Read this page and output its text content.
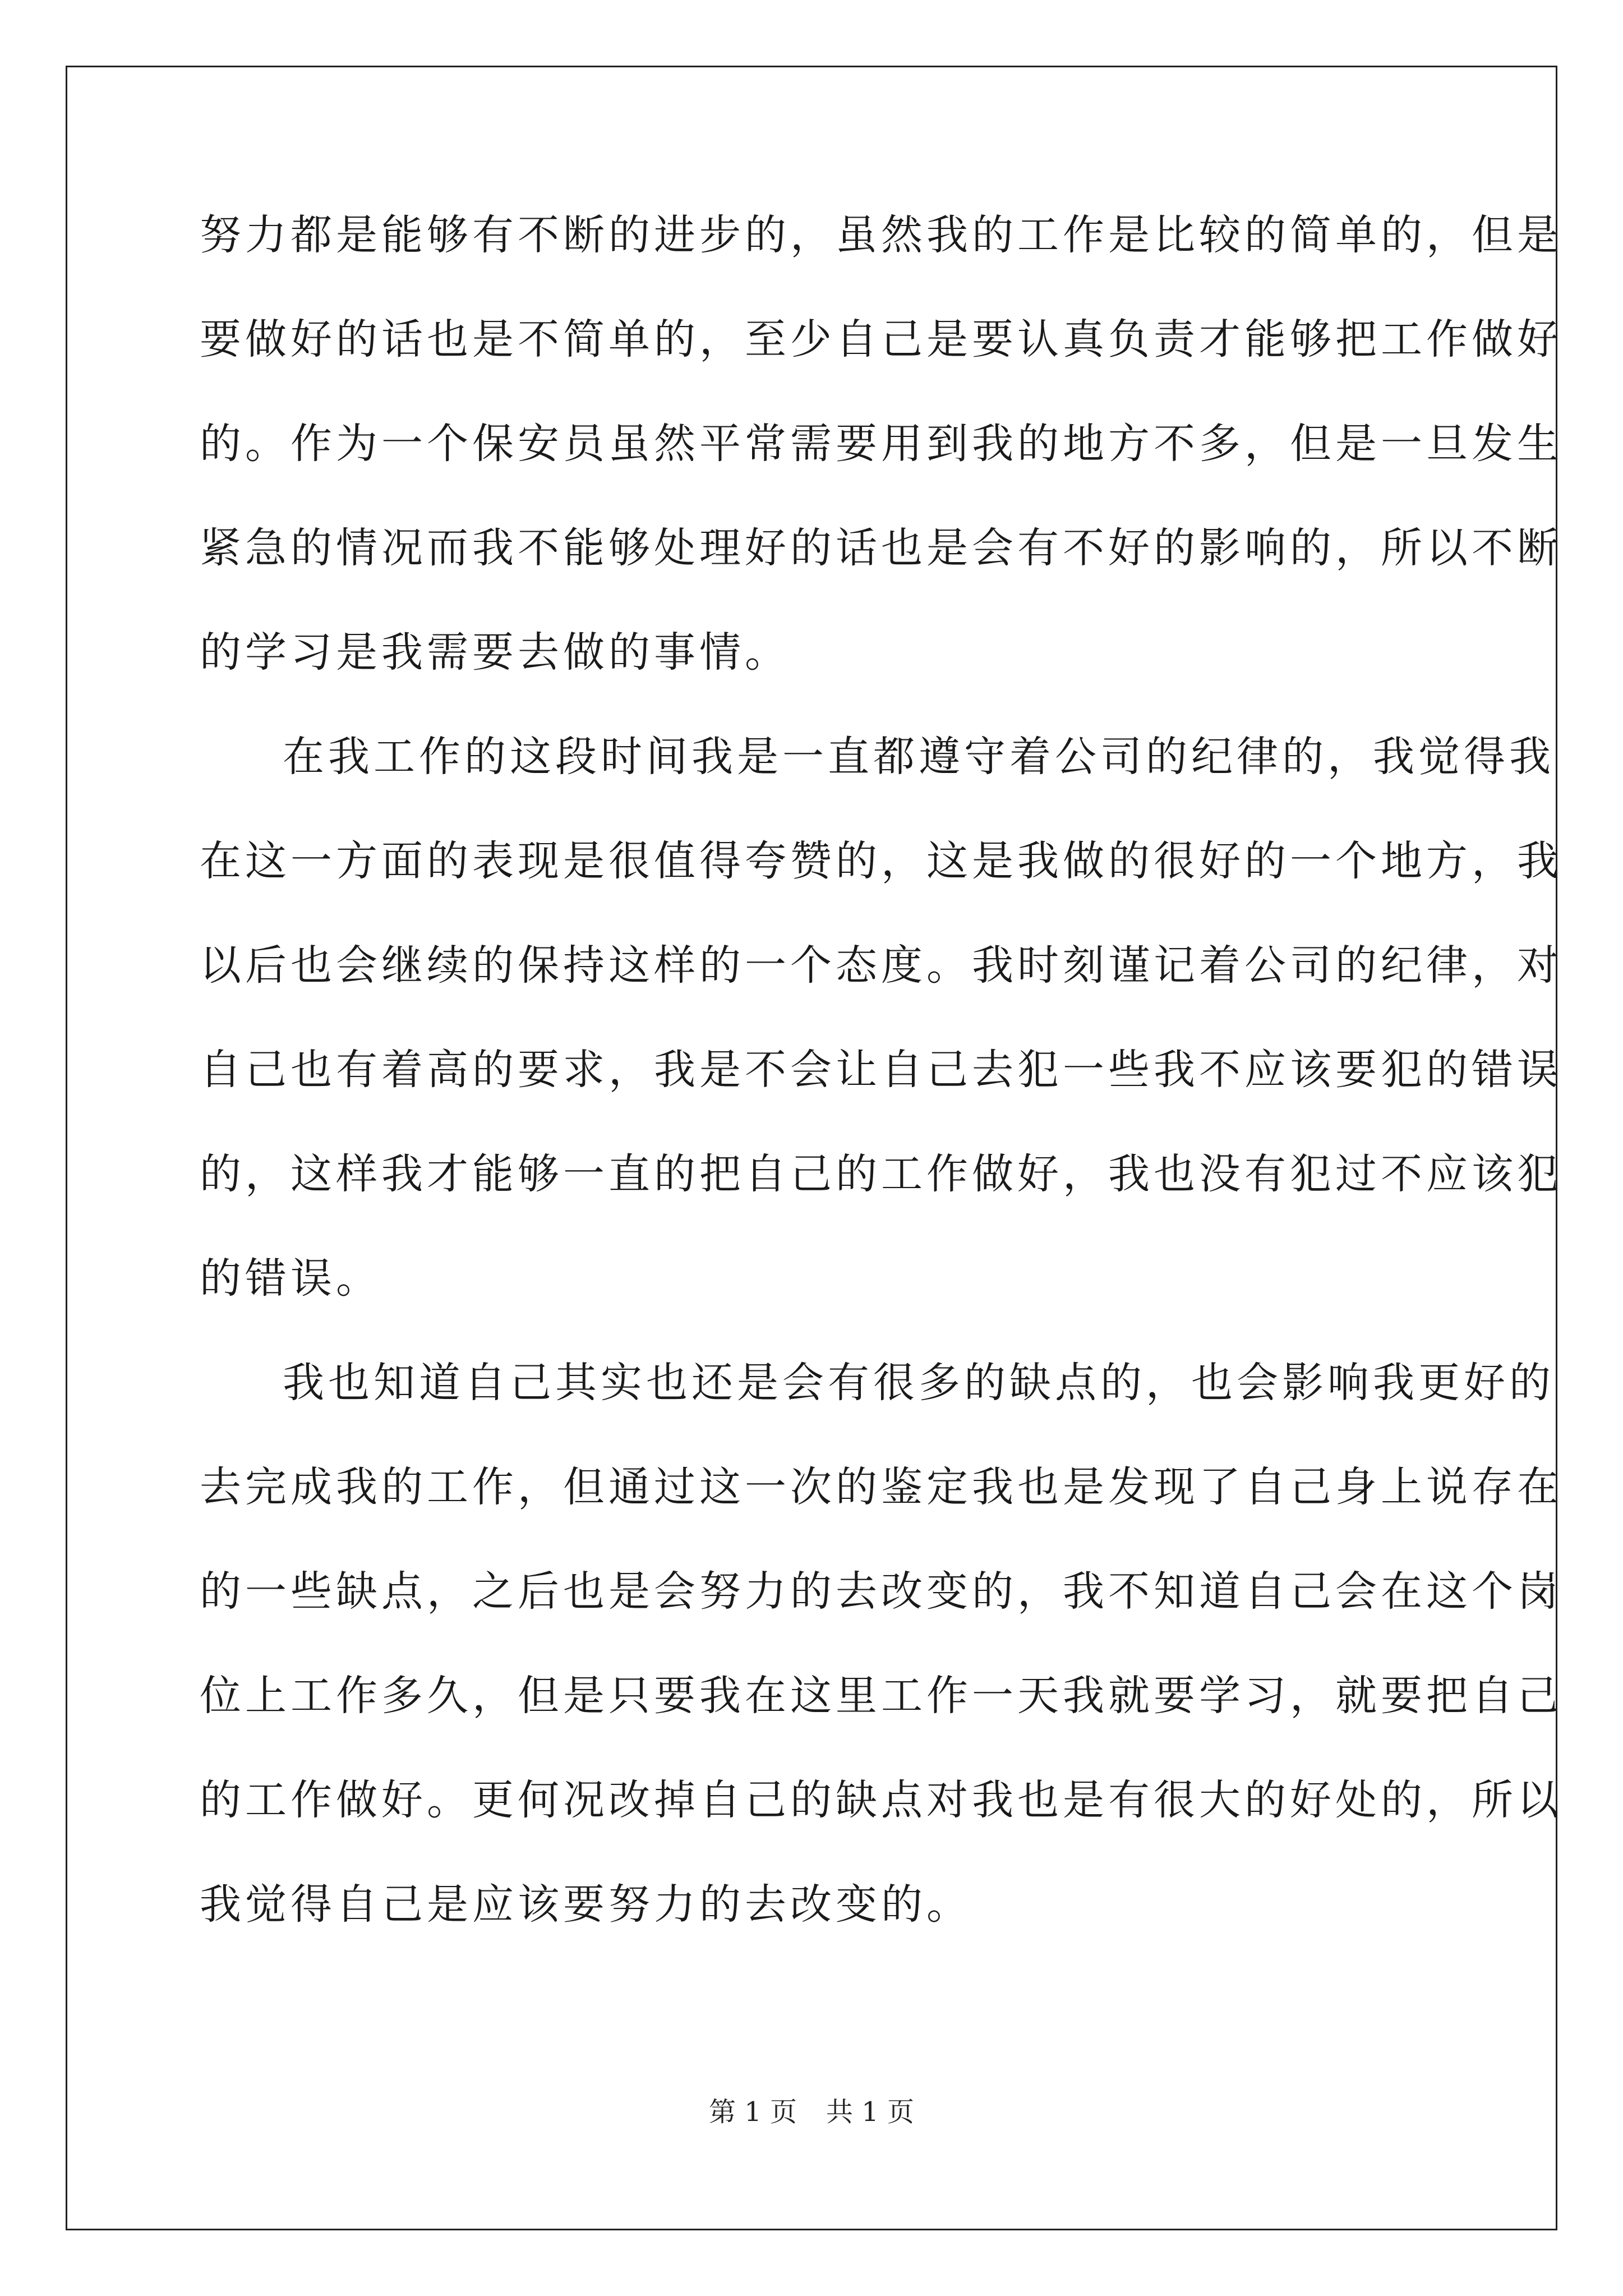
努力都是能够有不断的进步的，虽然我的工作是比较的简单的，但是
要做好的话也是不简单的，至少自己是要认真负责才能够把工作做好
的。作为一个保安员虽然平常需要用到我的地方不多，但是一旦发生
紧急的情况而我不能够处理好的话也是会有不好的影响的，所以不断
的学习是我需要去做的事情。
在我工作的这段时间我是一直都遵守着公司的纪律的，我觉得我
在这一方面的表现是很值得夸赞的，这是我做的很好的一个地方，我
以后也会继续的保持这样的一个态度。我时刻谨记着公司的纪律，对
自己也有着高的要求，我是不会让自己去犯一些我不应该要犯的错误
的，这样我才能够一直的把自己的工作做好，我也没有犯过不应该犯
的错误。
我也知道自己其实也还是会有很多的缺点的，也会影响我更好的
去完成我的工作，但通过这一次的鉴定我也是发现了自己身上说存在
的一些缺点，之后也是会努力的去改变的，我不知道自己会在这个岗
位上工作多久，但是只要我在这里工作一天我就要学习，就要把自己
的工作做好。更何况改掉自己的缺点对我也是有很大的好处的，所以
我觉得自己是应该要努力的去改变的。
第 1 页 共 1 页
